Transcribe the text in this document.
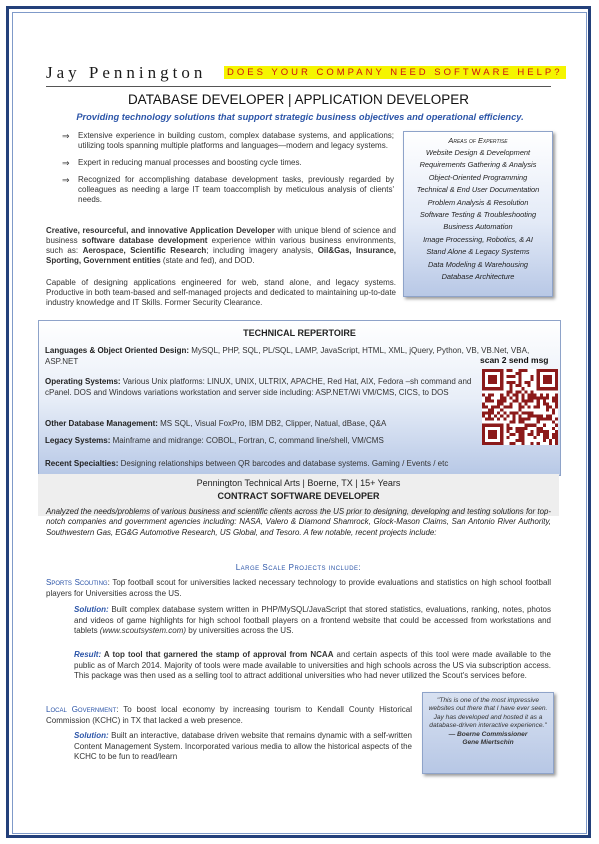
Jay Pennington	DOES YOUR COMPANY NEED SOFTWARE HELP?
DATABASE DEVELOPER | APPLICATION DEVELOPER
Providing technology solutions that support strategic business objectives and operational efficiency.
⇒	Extensive experience in building custom, complex database systems, and applications; utilizing tools spanning multiple platforms and languages—modern and legacy systems.
⇒	Expert in reducing manual processes and boosting cycle times.
⇒	Recognized for accomplishing database development tasks, previously regarded by colleagues as needing a large IT team toaccomplish by meticulous analysis of clients' needs.
Creative, resourceful, and innovative Application Developer with unique blend of science and business software database development experience within various business environments, such as: Aerospace, Scientific Research; including imagery analysis, Oil&Gas, Insurance, Sporting, Government entities (state and fed), and DOD.
Capable of designing applications engineered for web, stand alone, and legacy systems. Productive in both team-based and self-managed projects and dedicated to maintaining up-to-date industry knowledge and IT Skills. Former Security Clearance.
Areas of Expertise
Website Design & Development
Requirements Gathering & Analysis
Object-Oriented Programming
Technical & End User Documentation
Problem Analysis & Resolution
Software Testing & Troubleshooting
Business Automation
Image Processing, Robotics, & AI
Stand Alone & Legacy Systems
Data Modeling & Warehousing
Database Architecture
TECHNICAL REPERTOIRE
Languages & Object Oriented Design: MySQL, PHP, SQL, PL/SQL, LAMP, JavaScript, HTML, XML, jQuery, Python, VB, VB.Net, VBA, ASP.NET
Operating Systems: Various Unix platforms: LINUX, UNIX, ULTRIX, APACHE, Red Hat, AIX, Fedora –sh command and cPanel. DOS and Windows variations workstation and server side including: ASP.NET/Wi VM/CMS, CICS, to DOS
Other Database Management: MS SQL, Visual FoxPro, IBM DB2, Clipper, Natual, dBase, Q&A
Legacy Systems: Mainframe and midrange: COBOL, Fortran, C, command line/shell, VM/CMS
Recent Specialties: Designing relationships between QR barcodes and database systems. Gaming / Events / etc
scan 2 send msg
Pennington Technical Arts | Boerne, TX | 15+ Years
CONTRACT SOFTWARE DEVELOPER
Analyzed the needs/problems of various business and scientific clients across the US prior to designing, developing and testing solutions for top-notch companies and government agencies including: NASA, Valero & Diamond Shamrock, Glock-Mason Claims, San Antonio River Authority, Southwestern Gas, EG&G Automotive Research, US Global, and Tesoro. A few notable, recent projects include:
Large Scale Projects include:
Sports Scouting: Top football scout for universities lacked necessary technology to provide evaluations and statistics on high school football players for Universities across the US.
Solution: Built complex database system written in PHP/MySQL/JavaScript that stored statistics, evaluations, ranking, notes, photos and videos of game highlights for high school football players on a frontend website that could be accessed from workstations and tablets (www.scoutsystem.com) by universities across the US.
Result: A top tool that garnered the stamp of approval from NCAA and certain aspects of this tool were made available to the public as of March 2014. Majority of tools were made available to universities and high schools across the US via subscription access. This package was then used as a selling tool to attract additional universities who had never utilized the Scout's services before.
Local Government: To boost local economy by increasing tourism to Kendall County Historical Commission (KCHC) in TX that lacked a web presence.
Solution: Built an interactive, database driven website that remains dynamic with a self-written Content Management System. Incorporated various media to allow the historical aspects of the KCHC to be fun to read/learn
"This is one of the most impressive websites out there that I have ever seen. Jay has developed and hosted it as a database-driven interactive experience."
— Boerne Commissioner
Gene Miertschin
